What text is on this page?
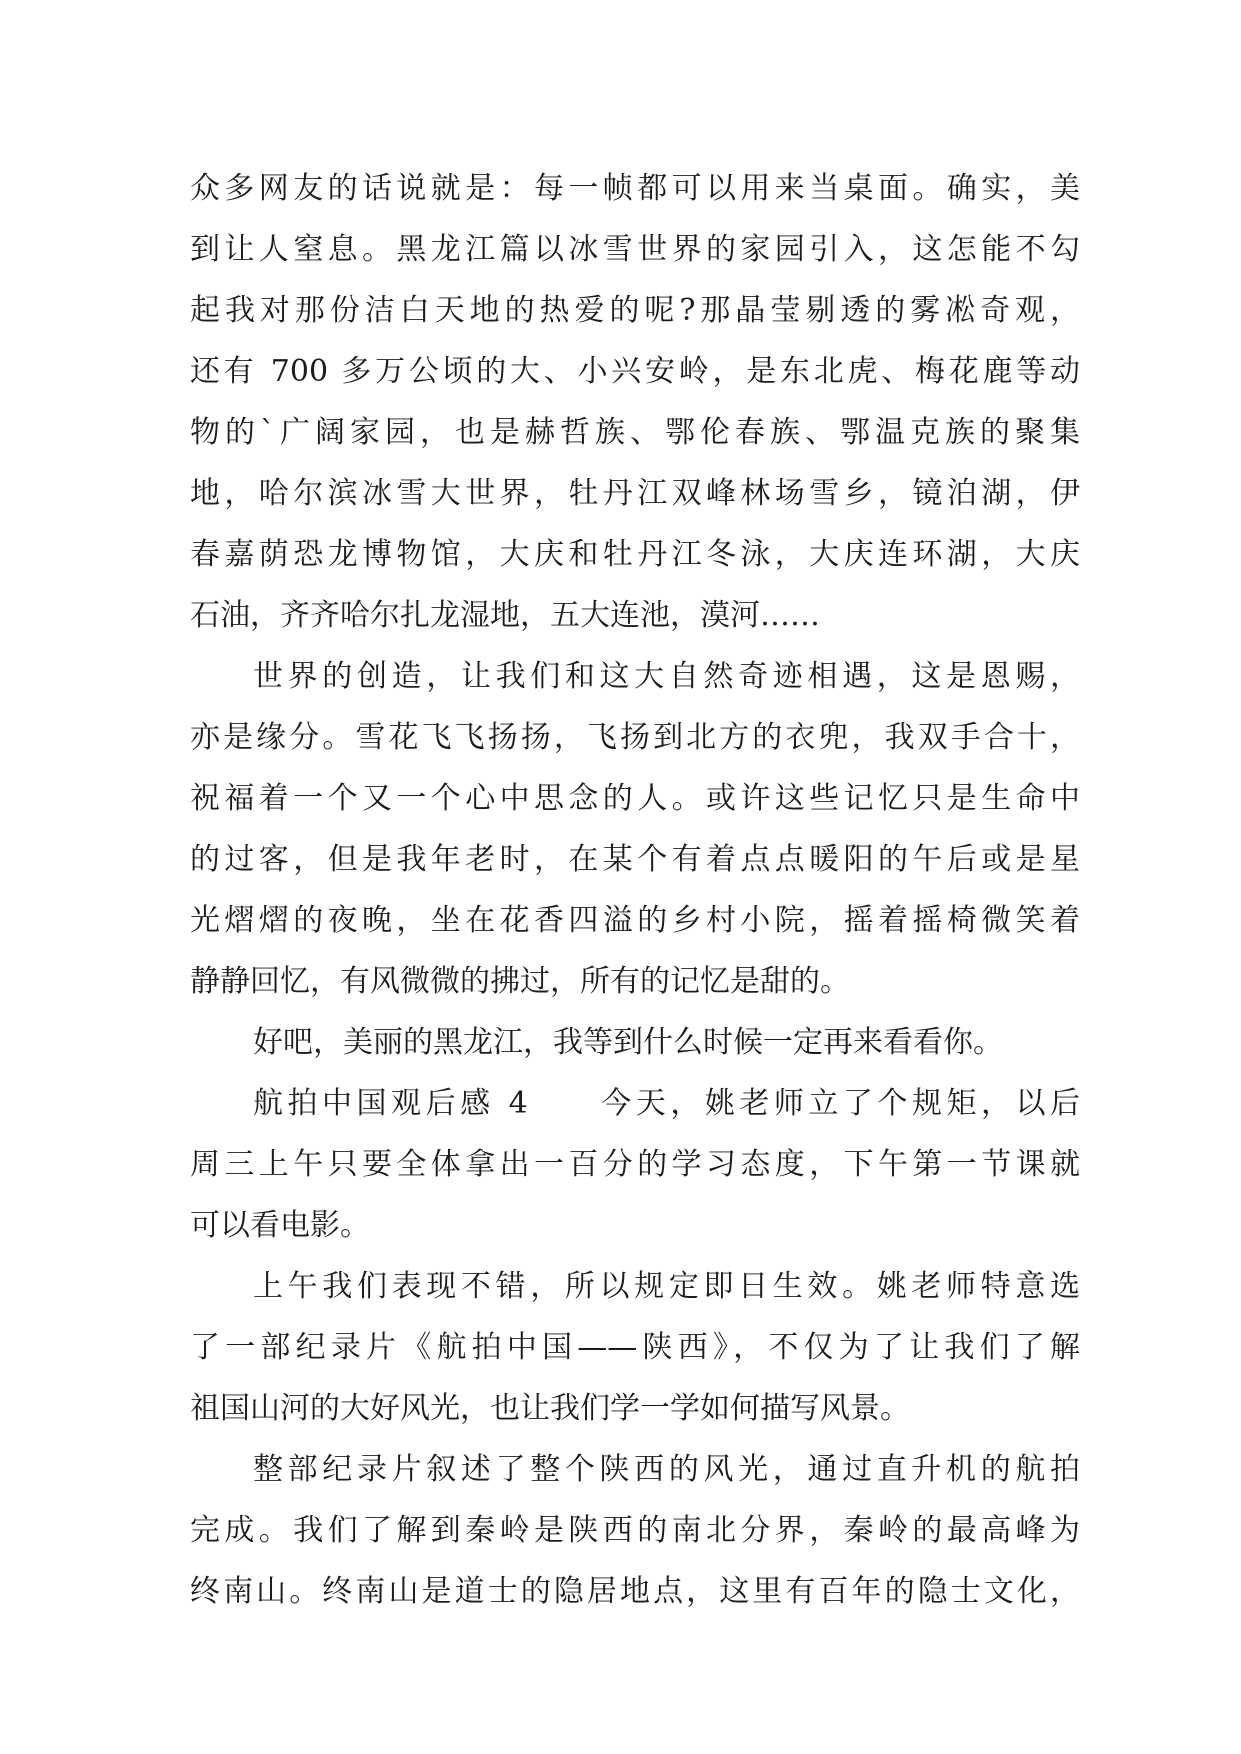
众多网友的话说就是：每一帧都可以用来当桌面。确实，美
到让人窒息。黑龙江篇以冰雪世界的家园引入，这怎能不勾
起我对那份洁白天地的热爱的呢?那晶莹剔透的雾凇奇观，
还有 700 多万公顷的大、小兴安岭，是东北虎、梅花鹿等动
物的`广阔家园，也是赫哲族、鄂伦春族、鄂温克族的聚集
地，哈尔滨冰雪大世界，牡丹江双峰林场雪乡，镜泊湖，伊
春嘉荫恐龙博物馆，大庆和牡丹江冬泳，大庆连环湖，大庆
石油，齐齐哈尔扎龙湿地，五大连池，漠河……
世界的创造，让我们和这大自然奇迹相遇，这是恩赐，
亦是缘分。雪花飞飞扬扬，飞扬到北方的衣兜，我双手合十，
祝福着一个又一个心中思念的人。或许这些记忆只是生命中
的过客，但是我年老时，在某个有着点点暖阳的午后或是星
光熠熠的夜晚，坐在花香四溢的乡村小院，摇着摇椅微笑着
静静回忆，有风微微的拂过，所有的记忆是甜的。
好吧，美丽的黑龙江，我等到什么时候一定再来看看你。
航拍中国观后感 4　　今天，姚老师立了个规矩，以后
周三上午只要全体拿出一百分的学习态度，下午第一节课就
可以看电影。
上午我们表现不错，所以规定即日生效。姚老师特意选
了一部纪录片《航拍中国——陕西》，不仅为了让我们了解
祖国山河的大好风光，也让我们学一学如何描写风景。
整部纪录片叙述了整个陕西的风光，通过直升机的航拍
完成。我们了解到秦岭是陕西的南北分界，秦岭的最高峰为
终南山。终南山是道士的隐居地点，这里有百年的隐士文化，
